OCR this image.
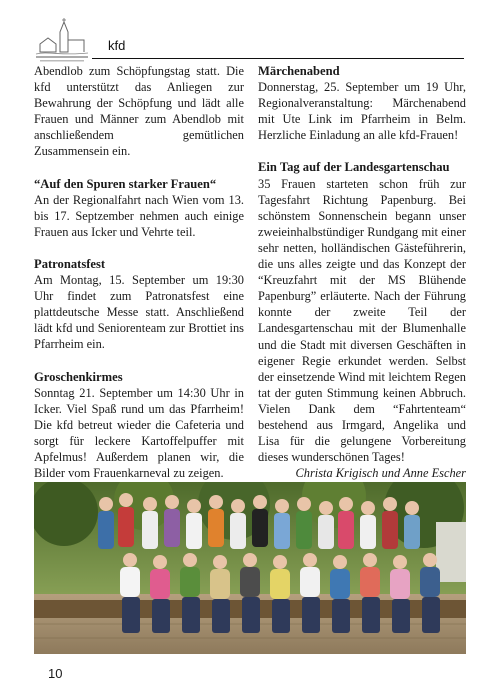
kfd

Abendlob zum Schöpfungstag statt. Die kfd unterstützt das Anliegen zur Bewahrung der Schöpfung und lädt alle Frauen und Männer zum Abendlob mit anschließendem gemütlichen Zusammensein ein.

“Auf den Spuren starker Frauen“

An der Regionalfahrt nach Wien vom 13. bis 17. Septzember nehmen auch einige Frauen aus Icker und Vehrte teil.

Patronatsfest

Am Montag, 15. September um 19:30 Uhr findet zum Patronatsfest eine plattdeutsche Messe statt. Anschließend lädt kfd und Seniorenteam zur Brottiet ins Pfarrheim ein.

Groschenkirmes

Sonntag 21. September um 14:30 Uhr in Icker. Viel Spaß rund um das Pfarrheim! Die kfd betreut wieder die Cafeteria und sorgt für leckere Kartoffelpuffer mit Apfelmus! Außerdem planen wir, die Bilder vom Frauenkarneval zu zeigen.

Märchenabend

Donnerstag, 25. September um 19 Uhr, Regionalveranstaltung: Märchenabend mit Ute Link im Pfarrheim in Belm. Herzliche Einladung an alle kfd-Frauen!

Ein Tag auf der Landesgartenschau

35 Frauen starteten schon früh zur Tagesfahrt Richtung Papenburg. Bei schönstem Sonnenschein begann unser zweieinhalbstündiger Rundgang mit einer sehr netten, holländischen Gästeführerin, die uns alles zeigte und das Konzept der “Kreuzfahrt mit der MS Blühende Papenburg” erläuterte. Nach der Führung konnte der zweite Teil der Landesgartenschau mit der Blumenhalle und die Stadt mit diversen Geschäften in eigener Regie erkundet werden. Selbst der einsetzende Wind mit leichtem Regen tat der guten Stimmung keinen Abbruch. Vielen Dank dem “Fahrtenteam“ bestehend aus Irmgard, Angelika und Lisa für die gelungene Vorbereitung dieses wunderschönen Tages!

Christa Krigisch und Anne Escher

10
